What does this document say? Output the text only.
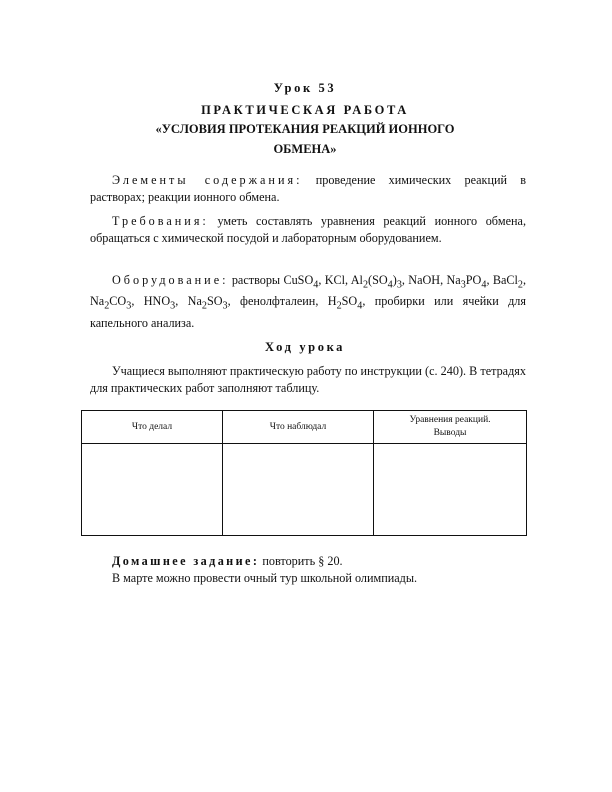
Урок 53
ПРАКТИЧЕСКАЯ РАБОТА
«УСЛОВИЯ ПРОТЕКАНИЯ РЕАКЦИЙ ИОННОГО
ОБМЕНА»
Элементы содержания: проведение химических реакций в растворах; реакции ионного обмена.
Требования: уметь составлять уравнения реакций ионного обмена, обращаться с химической посудой и лабораторным оборудованием.
Оборудование: растворы CuSO$_4$, KCl, $Al_2(SO_4)_3$, NaOH, $Na_3PO_4$, BaCl$_2$, $Na_2CO_3$, $HNO_3$, $Na_2SO_3$, фенолфталеин, $H_2SO_4$, пробирки или ячейки для капельного анализа.
Ход урока
Учащиеся выполняют практическую работу по инструкции (с. 240). В тетрадях для практических работ заполняют таблицу.
Что делал	Что наблюдал	Уравнения реакций.
Выводы

Домашнее задание: повторить § 20.
В марте можно провести очный тур школьной олимпиады.
